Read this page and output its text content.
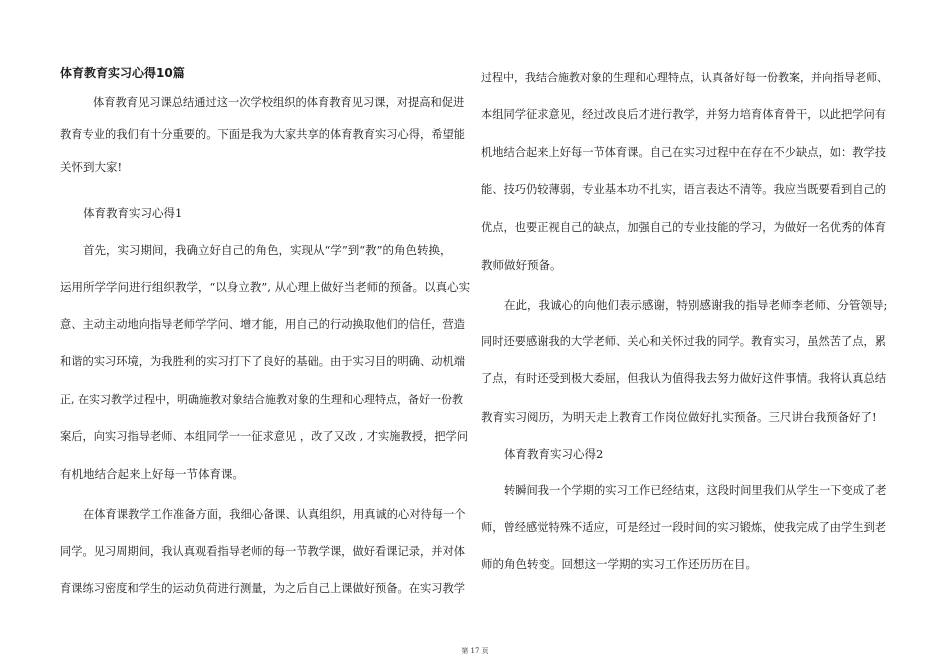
体育教育实习心得10篇
体育教育见习课总结通过这一次学校组织的体育教育见习课，对提高和促进
教育专业的我们有十分重要的。下面是我为大家共享的体育教育实习心得，希望能
关怀到大家!
体育教育实习心得1
首先，实习期间，我确立好自己的角色，实现从“学”到“教”的角色转换，
运用所学学问进行组织教学，“以身立教”, 从心理上做好当老师的预备。以真心实
意、主动主动地向指导老师学学问、增才能，用自己的行动换取他们的信任，营造
和谐的实习环境，为我胜利的实习打下了良好的基础。由于实习目的明确、动机端
正, 在实习教学过程中，明确施教对象结合施教对象的生理和心理特点，备好一份教
案后，向实习指导老师、本组同学一一征求意见 ，改了又改 , 才实施教授，把学问
有机地结合起来上好每一节体育课。
在体育课教学工作准备方面，我细心备课、认真组织，用真诚的心对待每一个
同学。见习周期间，我认真观看指导老师的每一节教学课，做好看课记录，并对体
育课练习密度和学生的运动负荷进行测量，为之后自己上课做好预备。在实习教学
过程中，我结合施教对象的生理和心理特点，认真备好每一份教案，并向指导老师、
本组同学征求意见，经过改良后才进行教学，并努力培育体育骨干，以此把学问有
机地结合起来上好每一节体育课。自己在实习过程中在存在不少缺点，如：教学技
能、技巧仍较薄弱，专业基本功不扎实，语言表达不清等。我应当既要看到自己的
优点，也要正视自己的缺点，加强自己的专业技能的学习，为做好一名优秀的体育
教师做好预备。
在此，我诚心的向他们表示感谢，特别感谢我的指导老师李老师、分管领导;
同时还要感谢我的大学老师、关心和关怀过我的同学。教育实习，虽然苦了点，累
了点，有时还受到极大委屈，但我认为值得我去努力做好这件事情。我将认真总结
教育实习阅历，为明天走上教育工作岗位做好扎实预备。三尺讲台我预备好了!
体育教育实习心得2
转瞬间我一个学期的实习工作已经结束，这段时间里我们从学生一下变成了老
师，曾经感觉特殊不适应，可是经过一段时间的实习锻炼，使我完成了由学生到老
师的角色转变。回想这一学期的实习工作还历历在目。
第 17 页
